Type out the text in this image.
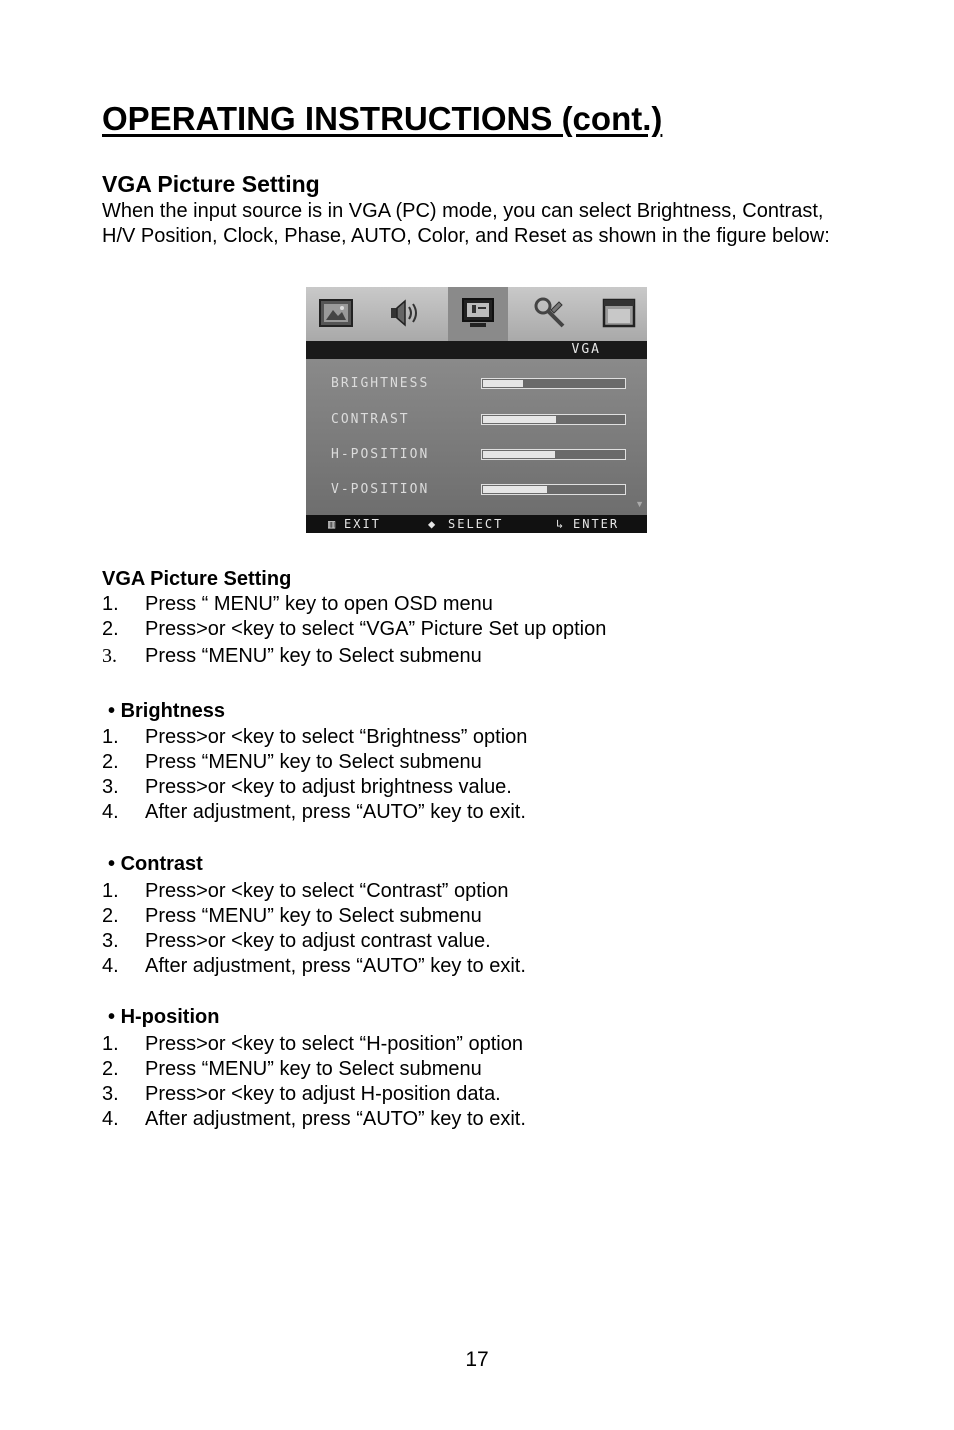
OPERATING INSTRUCTIONS (cont.)
VGA Picture Setting

When the input source is in VGA (PC) mode, you can select Brightness, Contrast, H/V Position, Clock, Phase, AUTO, Color, and Reset as shown in the figure below:

VGA
BRIGHTNESS
CONTRAST
H-POSITION
V-POSITION
▼
▥ EXIT	◆ SELECT	↳ ENTER
VGA Picture Setting
1. Press “ MENU” key to open OSD menu
2. Press>or <key to select “VGA” Picture Set up option
3. Press “MENU” key to Select submenu
• Brightness
1. Press>or <key to select “Brightness” option
2. Press “MENU” key to Select submenu
3. Press>or <key to adjust brightness value.
4. After adjustment, press “AUTO” key to exit.
• Contrast
1. Press>or <key to select “Contrast” option
2. Press “MENU” key to Select submenu
3. Press>or <key to adjust contrast value.
4. After adjustment, press “AUTO” key to exit.
• H-position
1. Press>or <key to select “H-position” option
2. Press “MENU” key to Select submenu
3. Press>or <key to adjust H-position data.
4. After adjustment, press “AUTO” key to exit.
17
